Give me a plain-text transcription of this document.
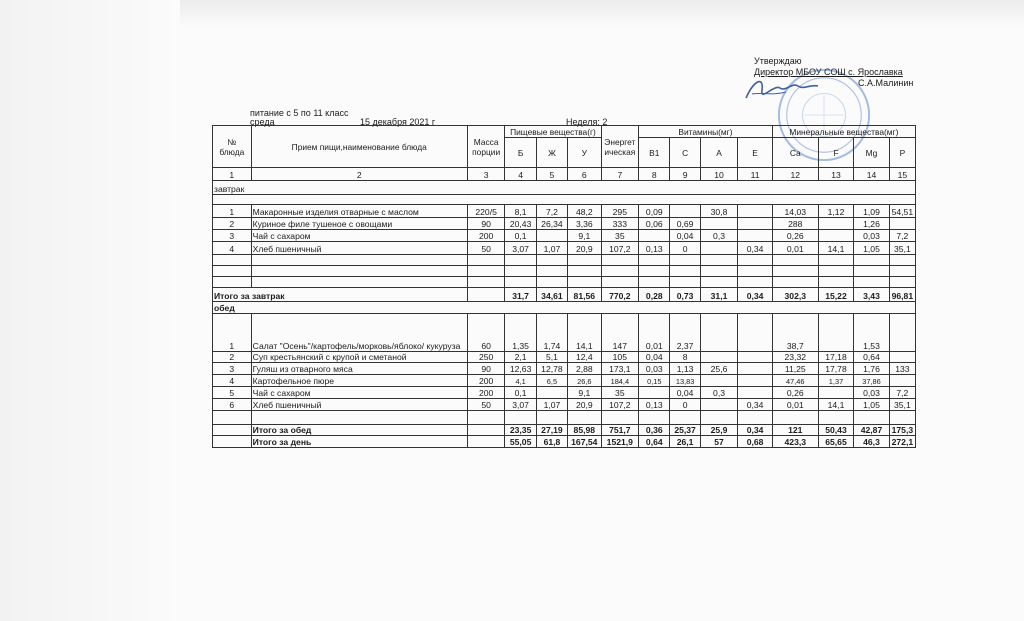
Утверждаю
Директор МБОУ СОШ с. Ярославка
С.А.Малинин
питание с 5 по 11 класс
среда	15 декабря 2021 г	Неделя: 2
№ блюда	Прием пищи,наименование блюда	Масса порции	Пищевые вещества(г)			Энергетическая	Витамины(мг)				Минеральные вещества(мг)			
			Б	Ж	У		B1	C	A	E	Ca	F	Mg	P
1	2	3	4	5	6	7	8	9	10	11	12	13	14	15
завтрак														

1	Макаронные изделия отварные с маслом	220/5	8,1	7,2	48,2	295	0,09		30,8		14,03	1,12	1,09	54,51
2	Куриное филе тушеное с овощами	90	20,43	26,34	3,36	333	0,06	0,69			288		1,26	
3	Чай с сахаром	200	0,1		9,1	35		0,04	0,3		0,26		0,03	7,2
4	Хлеб пшеничный	50	3,07	1,07	20,9	107,2	0,13	0		0,34	0,01	14,1	1,05	35,1

Итого за завтрак			31,7	34,61	81,56	770,2	0,28	0,73	31,1	0,34	302,3	15,22	3,43	96,81
обед														
1	Салат "Осень"/картофель/морковь/яблоко/ кукуруза	60	1,35	1,74	14,1	147	0,01	2,37			38,7		1,53	
2	Суп крестьянский с крупой и сметаной	250	2,1	5,1	12,4	105	0,04	8			23,32	17,18	0,64	
3	Гуляш из отварного мяса	90	12,63	12,78	2,88	173,1	0,03	1,13	25,6		11,25	17,78	1,76	133
4	Картофельное пюре	200	4,1	6,5	26,6	184,4	0,15	13,83			47,46	1,37	37,86	
5	Чай с сахаром	200	0,1		9,1	35		0,04	0,3		0,26		0,03	7,2
6	Хлеб пшеничный	50	3,07	1,07	20,9	107,2	0,13	0		0,34	0,01	14,1	1,05	35,1

	Итого за обед		23,35	27,19	85,98	751,7	0,36	25,37	25,9	0,34	121	50,43	42,87	175,3
	Итого за день		55,05	61,8	167,54	1521,9	0,64	26,1	57	0,68	423,3	65,65	46,3	272,1
